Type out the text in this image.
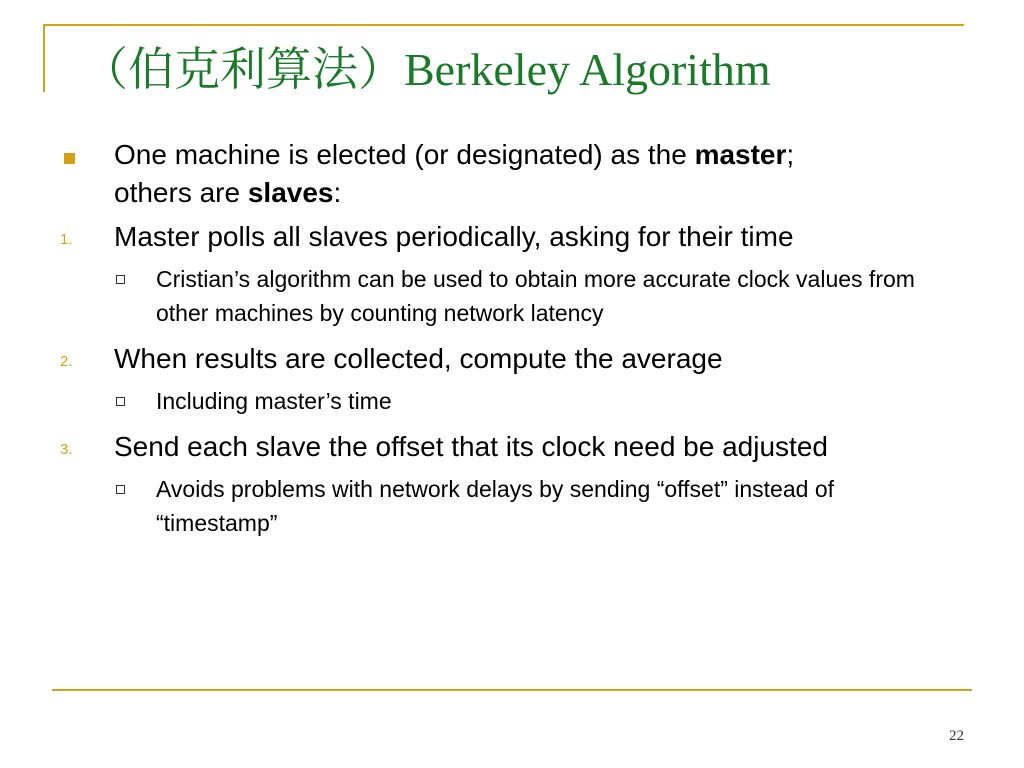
（伯克利算法）Berkeley Algorithm
One machine is elected (or designated) as the master;
others are slaves:
1.	Master polls all slaves periodically, asking for their time
Cristian’s algorithm can be used to obtain more accurate clock values from other machines by counting network latency
2.	When results are collected, compute the average
Including master’s time
3.	Send each slave the offset that its clock need be adjusted
Avoids problems with network delays by sending “offset” instead of “timestamp”
22
